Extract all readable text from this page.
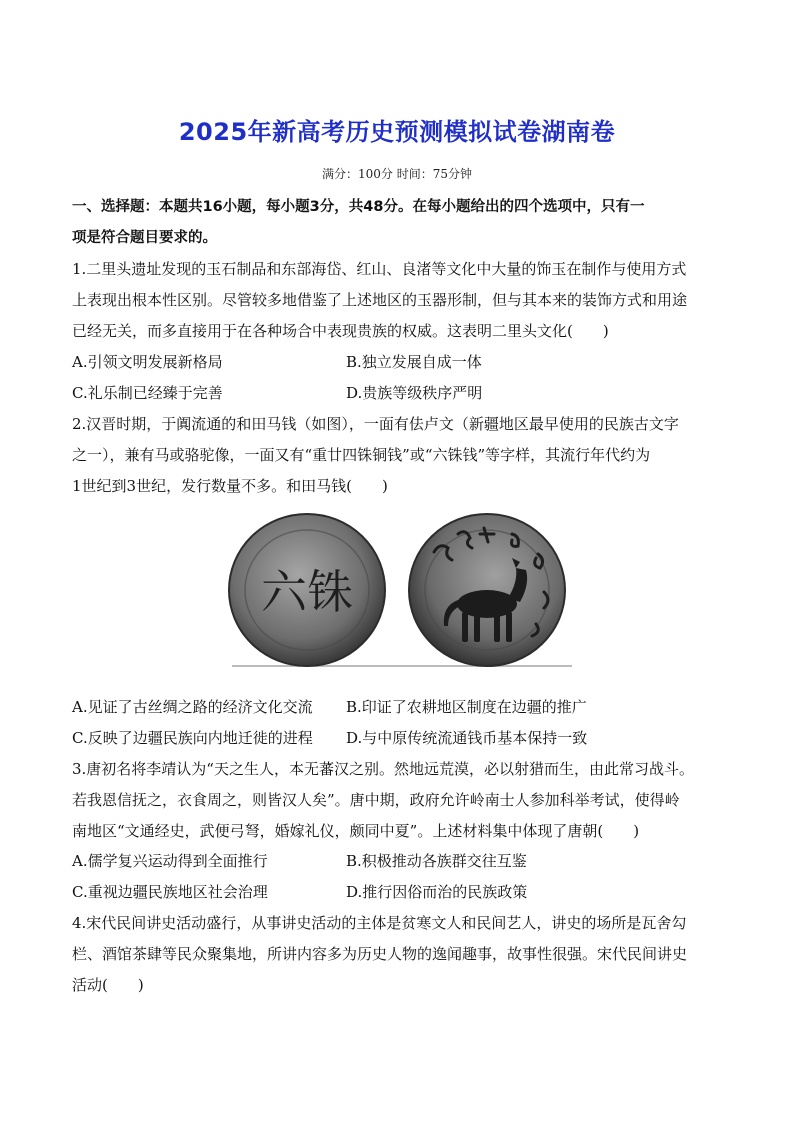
2025年新高考历史预测模拟试卷湖南卷
满分：100分 时间：75分钟
一、选择题：本题共16小题，每小题3分，共48分。在每小题给出的四个选项中，只有一
项是符合题目要求的。
1.二里头遗址发现的玉石制品和东部海岱、红山、良渚等文化中大量的饰玉在制作与使用方式
上表现出根本性区别。尽管较多地借鉴了上述地区的玉器形制，但与其本来的装饰方式和用途
已经无关，而多直接用于在各种场合中表现贵族的权威。这表明二里头文化(　　)
A.引领文明发展新格局	B.独立发展自成一体
C.礼乐制已经臻于完善	D.贵族等级秩序严明
2.汉晋时期，于阗流通的和田马钱（如图），一面有佉卢文（新疆地区最早使用的民族古文字
之一），兼有马或骆驼像，一面又有“重廿四铢铜钱”或“六铢钱”等字样，其流行年代约为
1世纪到3世纪，发行数量不多。和田马钱(　　)
六铢
A.见证了古丝绸之路的经济文化交流 B.印证了农耕地区制度在边疆的推广
C.反映了边疆民族向内地迁徙的进程 D.与中原传统流通钱币基本保持一致
3.唐初名将李靖认为“天之生人，本无蕃汉之别。然地远荒漠，必以射猎而生，由此常习战斗。
若我恩信抚之，衣食周之，则皆汉人矣”。唐中期，政府允许岭南士人参加科举考试，使得岭
南地区“文通经史，武便弓弩，婚嫁礼仪，颇同中夏”。上述材料集中体现了唐朝(　　)
A.儒学复兴运动得到全面推行	B.积极推动各族群交往互鉴
C.重视边疆民族地区社会治理	D.推行因俗而治的民族政策
4.宋代民间讲史活动盛行，从事讲史活动的主体是贫寒文人和民间艺人，讲史的场所是瓦舍勾
栏、酒馆茶肆等民众聚集地，所讲内容多为历史人物的逸闻趣事，故事性很强。宋代民间讲史
活动(　　)
